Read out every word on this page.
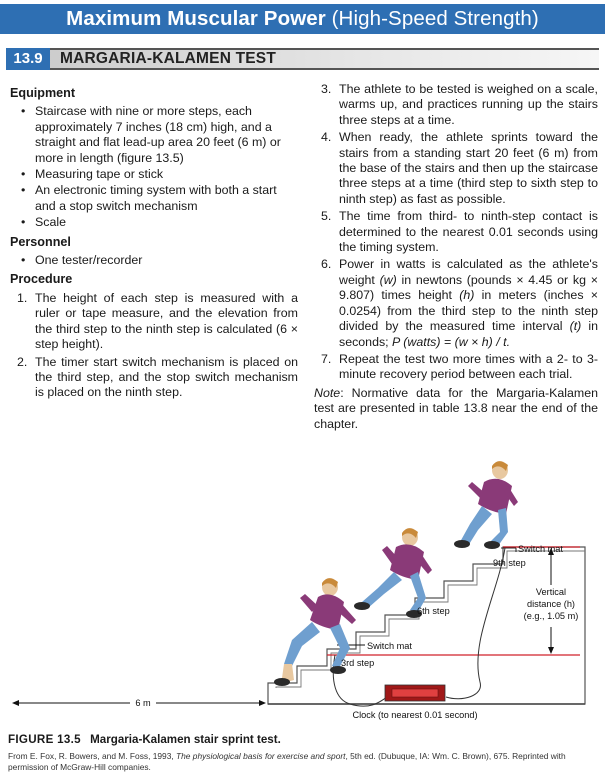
Maximum Muscular Power (High-Speed Strength)
13.9	MARGARIA-KALAMEN TEST
Equipment
• Staircase with nine or more steps, each approximately 7 inches (18 cm) high, and a straight and flat lead-up area 20 feet (6 m) or more in length (figure 13.5)
• Measuring tape or stick
• An electronic timing system with both a start and a stop switch mechanism
• Scale
Personnel
• One tester/recorder
Procedure
1. The height of each step is measured with a ruler or tape measure, and the elevation from the third step to the ninth step is calculated (6 × step height).
2. The timer start switch mechanism is placed on the third step, and the stop switch mechanism is placed on the ninth step.
3. The athlete to be tested is weighed on a scale, warms up, and practices running up the stairs three steps at a time.
4. When ready, the athlete sprints toward the stairs from a standing start 20 feet (6 m) from the base of the stairs and then up the staircase three steps at a time (third step to sixth step to ninth step) as fast as possible.
5. The time from third- to ninth-step contact is determined to the nearest 0.01 seconds using the timing system.
6. Power in watts is calculated as the athlete's weight (w) in newtons (pounds × 4.45 or kg × 9.807) times height (h) in meters (inches × 0.0254) from the third step to the ninth step divided by the measured time interval (t) in seconds; P (watts) = (w × h) / t.
7. Repeat the test two more times with a 2- to 3-minute recovery period between each trial.

Note: Normative data for the Margaria-Kalamen test are presented in table 13.8 near the end of the chapter.

Switch mat
9th step
Vertical
distance (h)
(e.g., 1.05 m)
6th step
Switch mat
3rd step
6 m
Clock (to nearest 0.01 second)
FIGURE 13.5 Margaria-Kalamen stair sprint test.
From E. Fox, R. Bowers, and M. Foss, 1993, The physiological basis for exercise and sport, 5th ed. (Dubuque, IA: Wm. C. Brown), 675. Reprinted with permission of McGraw-Hill companies.
